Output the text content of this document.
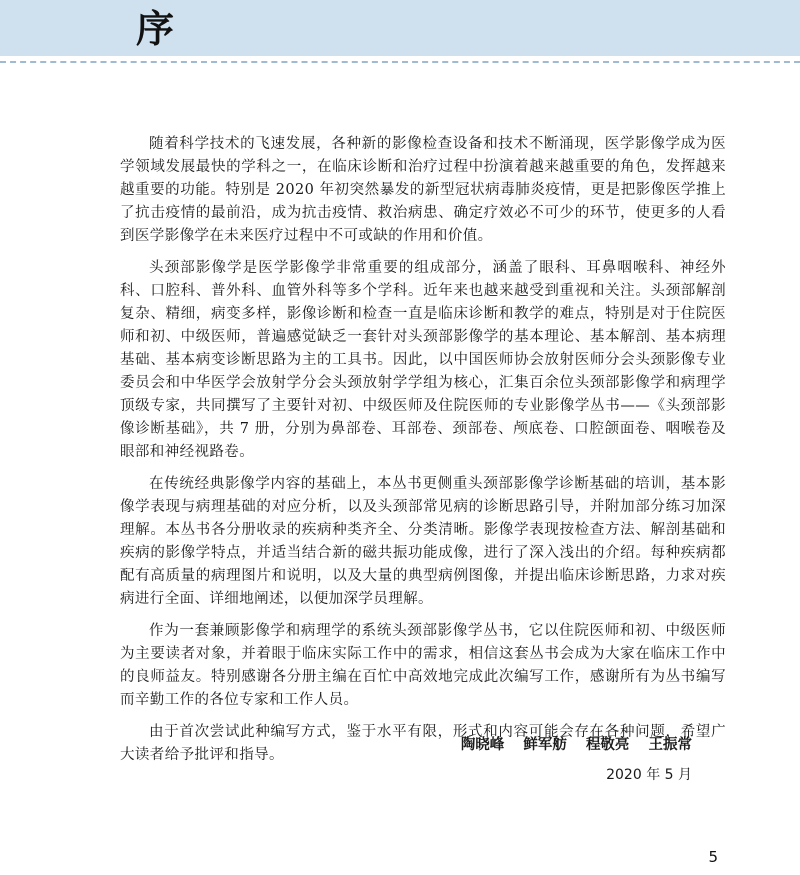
序

随着科学技术的飞速发展，各种新的影像检查设备和技术不断涌现，医学影像学成为医学领域发展最快的学科之一，在临床诊断和治疗过程中扮演着越来越重要的角色，发挥越来越重要的功能。特别是 2020 年初突然暴发的新型冠状病毒肺炎疫情，更是把影像医学推上了抗击疫情的最前沿，成为抗击疫情、救治病患、确定疗效必不可少的环节，使更多的人看到医学影像学在未来医疗过程中不可或缺的作用和价值。

头颈部影像学是医学影像学非常重要的组成部分，涵盖了眼科、耳鼻咽喉科、神经外科、口腔科、普外科、血管外科等多个学科。近年来也越来越受到重视和关注。头颈部解剖复杂、精细，病变多样，影像诊断和检查一直是临床诊断和教学的难点，特别是对于住院医师和初、中级医师，普遍感觉缺乏一套针对头颈部影像学的基本理论、基本解剖、基本病理基础、基本病变诊断思路为主的工具书。因此，以中国医师协会放射医师分会头颈影像专业委员会和中华医学会放射学分会头颈放射学学组为核心，汇集百余位头颈部影像学和病理学顶级专家，共同撰写了主要针对初、中级医师及住院医师的专业影像学丛书——《头颈部影像诊断基础》，共 7 册，分别为鼻部卷、耳部卷、颈部卷、颅底卷、口腔颌面卷、咽喉卷及眼部和神经视路卷。

在传统经典影像学内容的基础上，本丛书更侧重头颈部影像学诊断基础的培训，基本影像学表现与病理基础的对应分析，以及头颈部常见病的诊断思路引导，并附加部分练习加深理解。本丛书各分册收录的疾病种类齐全、分类清晰。影像学表现按检查方法、解剖基础和疾病的影像学特点，并适当结合新的磁共振功能成像，进行了深入浅出的介绍。每种疾病都配有高质量的病理图片和说明，以及大量的典型病例图像，并提出临床诊断思路，力求对疾病进行全面、详细地阐述，以便加深学员理解。

作为一套兼顾影像学和病理学的系统头颈部影像学丛书，它以住院医师和初、中级医师为主要读者对象，并着眼于临床实际工作中的需求，相信这套丛书会成为大家在临床工作中的良师益友。特别感谢各分册主编在百忙中高效地完成此次编写工作，感谢所有为丛书编写而辛勤工作的各位专家和工作人员。

由于首次尝试此种编写方式，鉴于水平有限，形式和内容可能会存在各种问题，希望广大读者给予批评和指导。

陶晓峰 鲜军舫 程敬亮 王振常
2020 年 5 月
5
